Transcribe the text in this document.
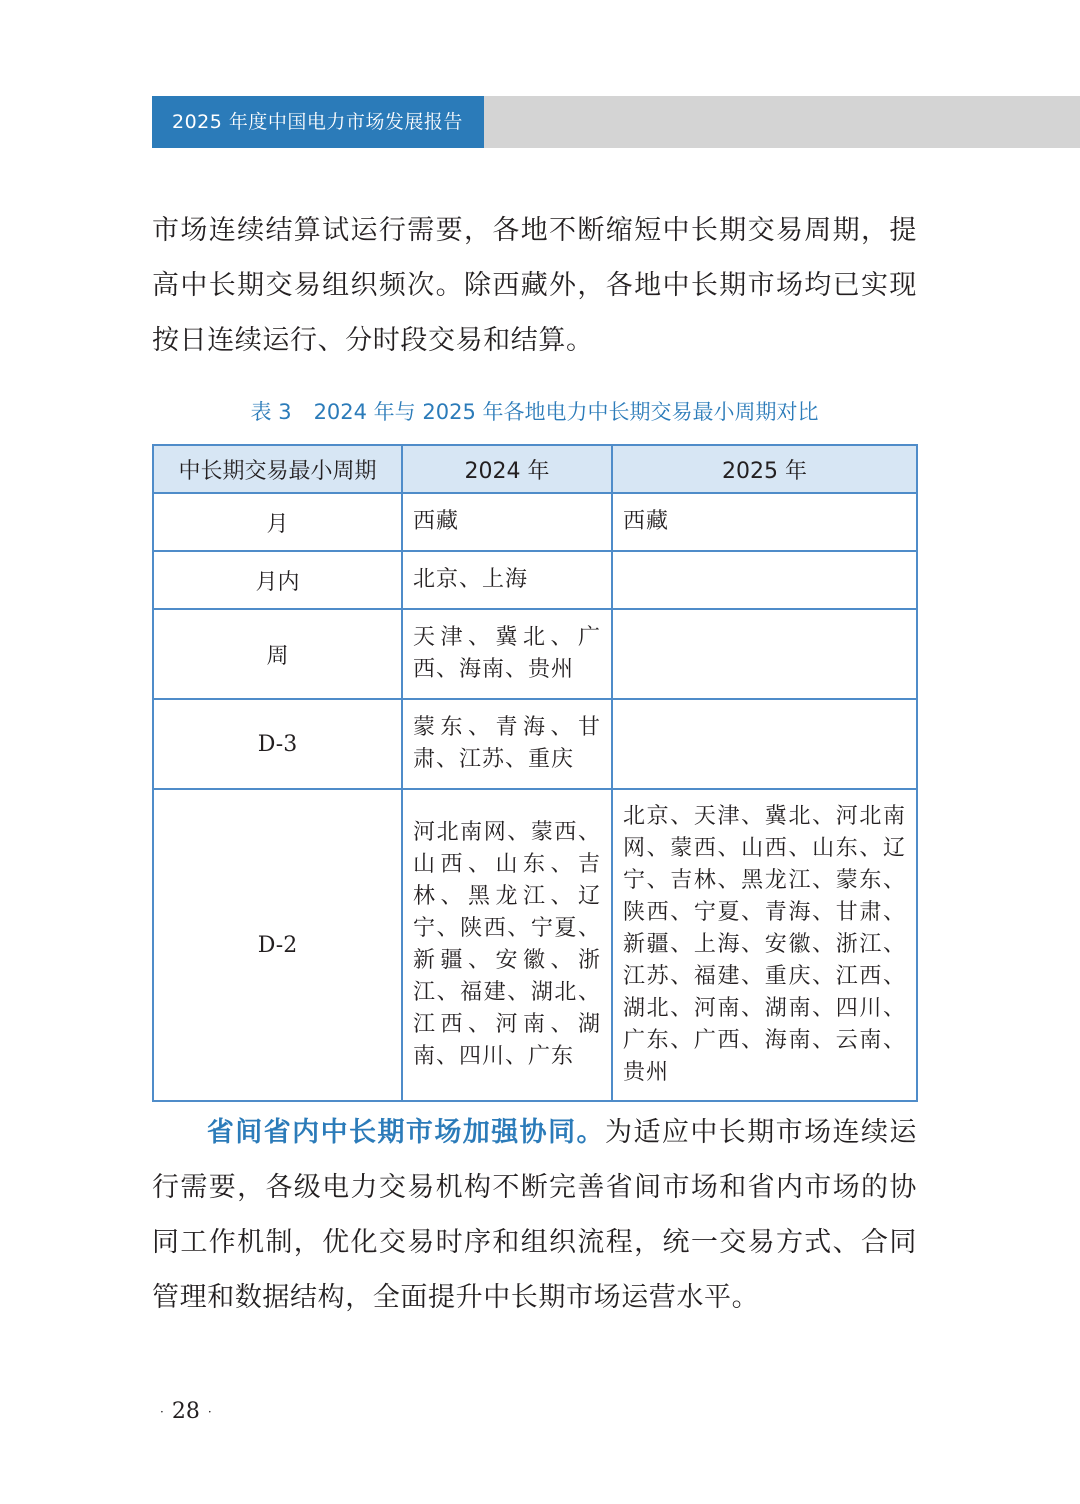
2025 年度中国电力市场发展报告

市场连续结算试运行需要，各地不断缩短中长期交易周期，提高中长期交易组织频次。除西藏外，各地中长期市场均已实现按日连续运行、分时段交易和结算。

表 3 2024 年与 2025 年各地电力中长期交易最小周期对比
中长期交易最小周期	2024 年	2025 年
月	西藏	西藏
月内	北京、上海	
周	天津、冀北、广西、海南、贵州	
D-3	蒙东、青海、甘肃、江苏、重庆	
D-2	河北南网、蒙西、山西、山东、吉林、黑龙江、辽宁、陕西、宁夏、新疆、安徽、浙江、福建、湖北、江西、河南、湖南、四川、广东	北京、天津、冀北、河北南网、蒙西、山西、山东、辽宁、吉林、黑龙江、蒙东、陕西、宁夏、青海、甘肃、新疆、上海、安徽、浙江、江苏、福建、重庆、江西、湖北、河南、湖南、四川、广东、广西、海南、云南、贵州

省间省内中长期市场加强协同。为适应中长期市场连续运行需要，各级电力交易机构不断完善省间市场和省内市场的协同工作机制，优化交易时序和组织流程，统一交易方式、合同管理和数据结构，全面提升中长期市场运营水平。

· 28 ·
